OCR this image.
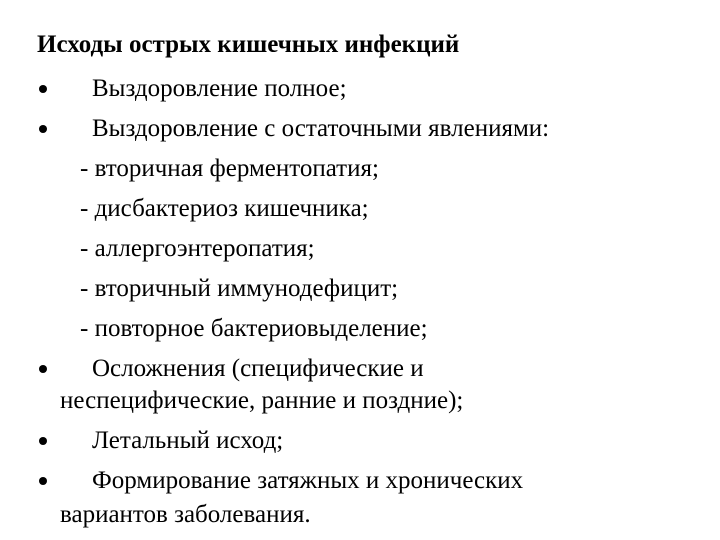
Исходы острых кишечных инфекций
Выздоровление полное;
Выздоровление с остаточными явлениями:
- вторичная ферментопатия;
- дисбактериоз кишечника;
- аллергоэнтеропатия;
- вторичный иммунодефицит;
- повторное бактериовыделение;
Осложнения (специфические и
неспецифические, ранние и поздние);
Летальный исход;
Формирование затяжных и хронических
вариантов заболевания.
